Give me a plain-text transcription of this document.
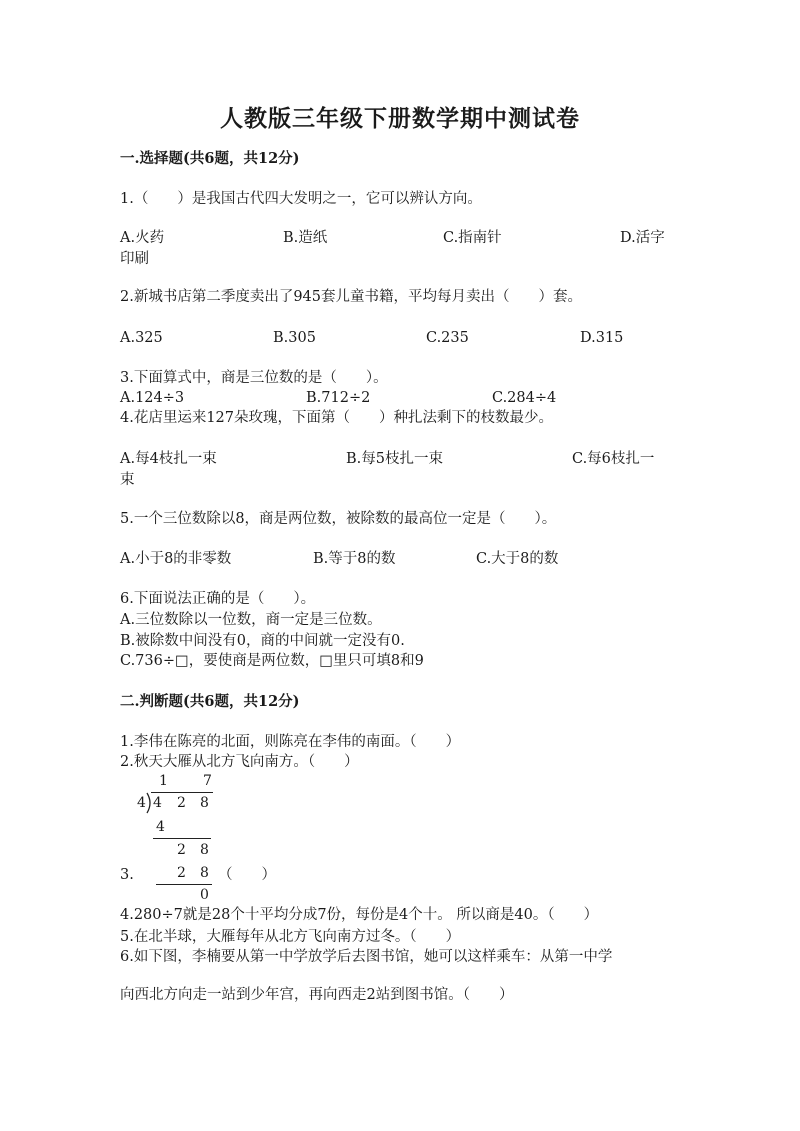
人教版三年级下册数学期中测试卷
一.选择题(共6题，共12分)
1.（　　）是我国古代四大发明之一，它可以辨认方向。
A.火药	B.造纸	C.指南针	D.活字
印刷
2.新城书店第二季度卖出了945套儿童书籍，平均每月卖出（　　）套。
A.325	B.305	C.235	D.315
3.下面算式中，商是三位数的是（　　）。
A.124÷3	B.712÷2	C.284÷4
4.花店里运来127朵玫瑰，下面第（　　）种扎法剩下的枝数最少。
A.每4枝扎一束	B.每5枝扎一束	C.每6枝扎一
束
5.一个三位数除以8，商是两位数，被除数的最高位一定是（　　）。
A.小于8的非零数	B.等于8的数	C.大于8的数
6.下面说法正确的是（　　）。
A.三位数除以一位数，商一定是三位数。
B.被除数中间没有0，商的中间就一定没有0.
C.736÷□，要使商是两位数，□里只可填8和9
二.判断题(共6题，共12分)
1.李伟在陈亮的北面，则陈亮在李伟的南面。（　　）
2.秋天大雁从北方飞向南方。（　　）
1	7
4 4 2 8
4
2 8
2 8
0
3.	（　　）
4.280÷7就是28个十平均分成7份，每份是4个十。 所以商是40。（　　）
5.在北半球，大雁每年从北方飞向南方过冬。（　　）
6.如下图，李楠要从第一中学放学后去图书馆，她可以这样乘车：从第一中学
向西北方向走一站到少年宫，再向西走2站到图书馆。（　　）
